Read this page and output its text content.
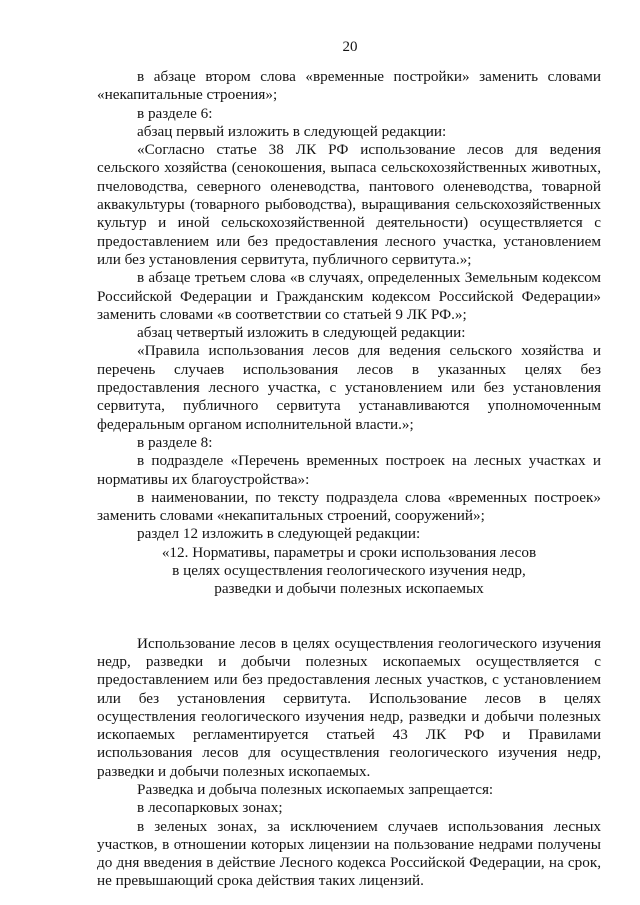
20

в абзаце втором слова «временные постройки» заменить словами «некапитальные строения»;

в разделе 6:

абзац первый изложить в следующей редакции:

«Согласно статье 38 ЛК РФ использование лесов для ведения сельского хозяйства (сенокошения, выпаса сельскохозяйственных животных, пчеловодства, северного оленеводства, пантового оленеводства, товарной аквакультуры (товарного рыбоводства), выращивания сельскохозяйственных культур и иной сельскохозяйственной деятельности) осуществляется с предоставлением или без предоставления лесного участка, установлением или без установления сервитута, публичного сервитута.»;

в абзаце третьем слова «в случаях, определенных Земельным кодексом Российской Федерации и Гражданским кодексом Российской Федерации» заменить словами «в соответствии со статьей 9 ЛК РФ.»;

абзац четвертый изложить в следующей редакции:

«Правила использования лесов для ведения сельского хозяйства и перечень случаев использования лесов в указанных целях без предоставления лесного участка, с установлением или без установления сервитута, публичного сервитута устанавливаются уполномоченным федеральным органом исполнительной власти.»;

в разделе 8:

в подразделе «Перечень временных построек на лесных участках и нормативы их благоустройства»:

в наименовании, по тексту подраздела слова «временных построек» заменить словами «некапитальных строений, сооружений»;

раздел 12 изложить в следующей редакции:

«12. Нормативы, параметры и сроки использования лесов

в целях осуществления геологического изучения недр,

разведки и добычи полезных ископаемых

Использование лесов в целях осуществления геологического изучения недр, разведки и добычи полезных ископаемых осуществляется с предоставлением или без предоставления лесных участков, с установлением или без установления сервитута. Использование лесов в целях осуществления геологического изучения недр, разведки и добычи полезных ископаемых регламентируется статьей 43 ЛК РФ и Правилами использования лесов для осуществления геологического изучения недр, разведки и добычи полезных ископаемых.

Разведка и добыча полезных ископаемых запрещается:

в лесопарковых зонах;

в зеленых зонах, за исключением случаев использования лесных участков, в отношении которых лицензии на пользование недрами получены до дня введения в действие Лесного кодекса Российской Федерации, на срок, не превышающий срока действия таких лицензий.
